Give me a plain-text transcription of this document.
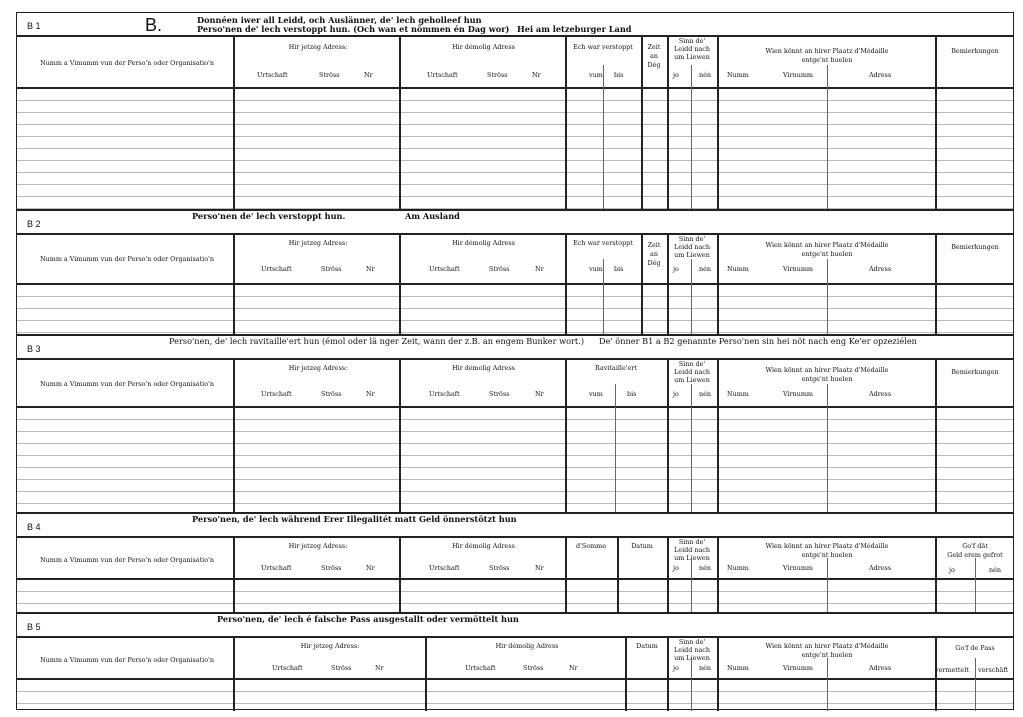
B 1	B.	Donnéen iwer all Leidd, och Auslänner, de' lech geholleef hun
Perso'nen de' lech verstoppt hun. (Och wan et nömmen én Dag wor) Hei am letzeburger Land
Numm a Vimumm vun der Perso'n oder Organisatio'n
Hir jetzeg Adress:
Urtschaft	Ströss	Nr
Hir démolig Adress
Urtschaft	Ströss	Nr
Ech war verstoppt
vum bis
Zeit
an
Dég
Sinn de'
Leidd nach
um Liewen
jo	nén
Wien könnt an hirer Plaatz d'Médaille
entge'nt huelen
Numm	Virnumm	Adress
Bemierkungen
B 2
Perso'nen de' lech verstoppt hun.	Am Ausland
Numm a Vimumm vun der Perso'n oder Organisatio'n
Hir jetzeg Adress:
Urtschaft	Ströss	Nr
Hir démolig Adress
Urtschaft	Ströss	Nr
Ech war verstoppt
vum bis
Zeit
an
Dég
Sinn de'
Leidd nach
um Liewen
jo	nén
Wien könnt an hirer Plaatz d'Médaille
entge'nt huelen
Numm	Virnumm	Adress
Bemierkungen
B 3
Perso'nen, de' lech ravitaille'ert hun (émol oder lä nger Zeit, wann der z.B. an engem Bunker wort.) De' önner B1 a B2 genannte Perso'nen sin hei nöt nach eng Ke'er opzeziélen
Numm a Vimumm vun der Perso'n oder Organisatio'n
Hir jetzeg Adress:
Urtschaft	Ströss	Nr
Hir démolig Adress
Urtschaft	Ströss	Nr
Ravitaille'ert
vum	bis
Sinn de'
Leidd nach
um Liewen
jo	nén
Wien könnt an hirer Plaatz d'Médaille
entge'nt huelen
Numm	Virnumm	Adress
Bemierkungen
B 4
Perso'nen, de' lech während Erer Illegalitét matt Geld önnerstötzt hun
Numm a Vimumm vun der Perso'n oder Organisatio'n
Hir jetzeg Adress:
Urtschaft	Ströss	Nr
Hir démolig Adress
Urtschaft	Ströss	Nr
d'Somme	Datum	Sinn de'
Leidd nach
um Liewen
jo	nén
Wien könnt an hirer Plaatz d'Médaille
entge'nt huelen
Numm	Virnumm	Adress
Go'f dät
Geld erem gefrot
jo	nén
B 5
Perso'nen, de' lech é falsche Pass ausgestallt oder vermöttelt hun
Numm a Vimumm vun der Perso'n oder Organisatio'n
Hir jetzeg Adress:
Urtschaft	Ströss	Nr
Hir démolig Adress
Urtschaft	Ströss	Nr
Datum	Sinn de'
Leidd nach
um Liewen
jo	nén
Wien könnt an hirer Plaatz d'Médaille
entge'nt huelen
Numm	Virnumm	Adress
Go'f de Pass
vermettelt verschäft
